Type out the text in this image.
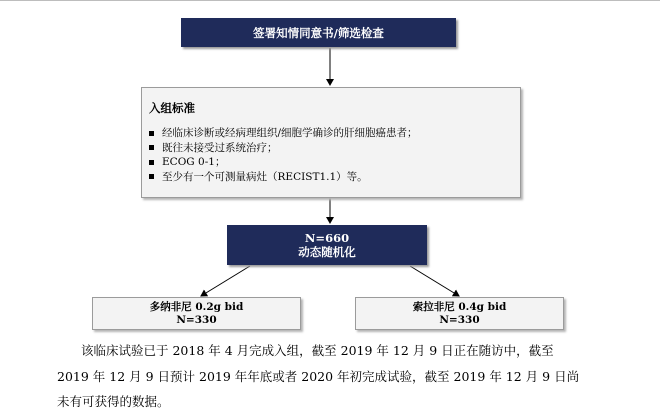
签署知情同意书/筛选检查
入组标准
经临床诊断或经病理组织/细胞学确诊的肝细胞癌患者；
既往未接受过系统治疗；
ECOG 0-1；
至少有一个可测量病灶（RECIST1.1）等。
N=660
动态随机化
多纳非尼 0.2g bid
N=330
索拉非尼 0.4g bid
N=330
该临床试验已于 2018 年 4 月完成入组，截至 2019 年 12 月 9 日正在随访中，截至
2019 年 12 月 9 日预计 2019 年年底或者 2020 年初完成试验，截至 2019 年 12 月 9 日尚
未有可获得的数据。
